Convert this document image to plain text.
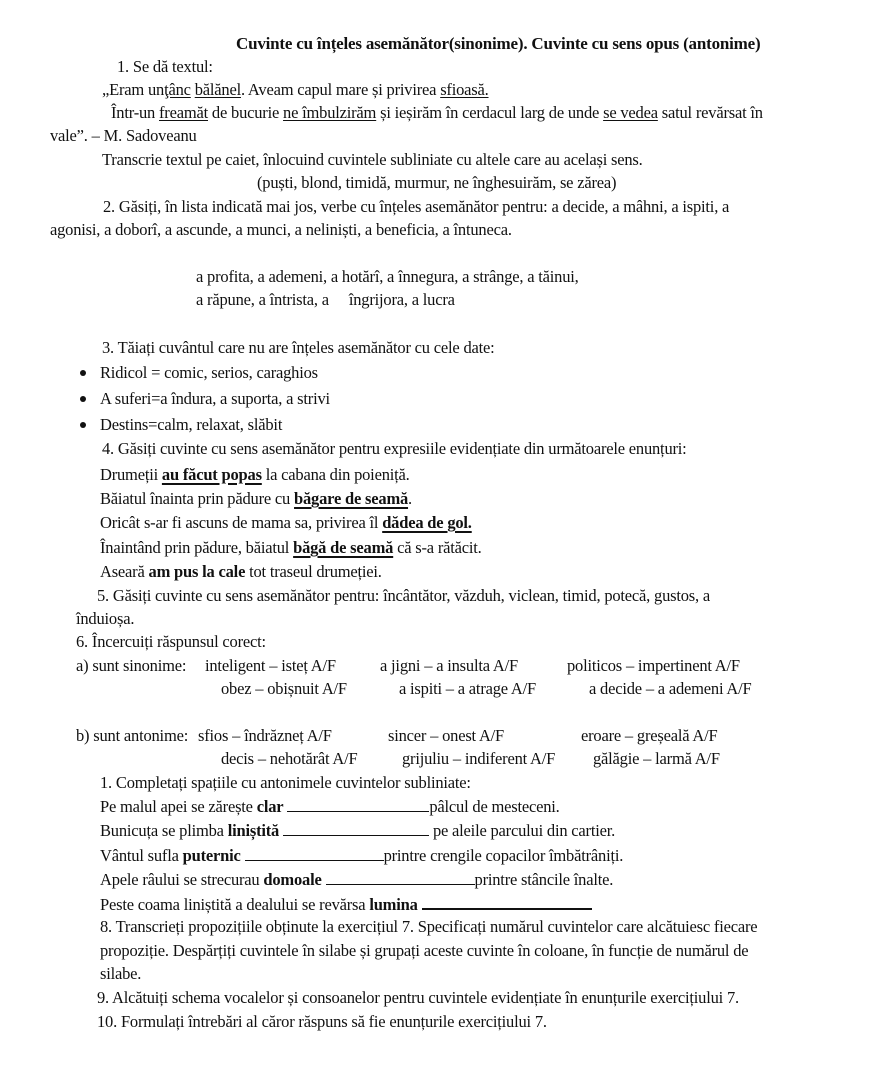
Cuvinte cu înțeles asemănător(sinonime). Cuvinte cu sens opus (antonime)
1. Se dă textul:
„Eram unţânc bălănel. Aveam capul mare și privirea sfioasă.
Într-un freamăt de bucurie ne îmbulzirăm și ieșirăm în cerdacul larg de unde se vedea satul revărsat în
vale”. – M. Sadoveanu
Transcrie textul pe caiet, înlocuind cuvintele subliniate cu altele care au același sens.
(puști, blond, timidă, murmur, ne înghesuirăm, se zărea)
2. Găsiți, în lista indicată mai jos, verbe cu înțeles asemănător pentru: a decide, a mâhni, a ispiti, a
agonisi, a doborî, a ascunde, a munci, a neliniști, a beneficia, a întuneca.
a profita, a ademeni, a hotărî, a înnegura, a strânge, a tăinui,
a răpune, a întrista, a îngrijora, a lucra
3. Tăiați cuvântul care nu are înțeles asemănător cu cele date:
Ridicol = comic, serios, caraghios
A suferi=a îndura, a suporta, a strivi
Destins=calm, relaxat, slăbit
4. Găsiți cuvinte cu sens asemănător pentru expresiile evidențiate din următoarele enunțuri:
Drumeții au făcut popas la cabana din poieniță.
Băiatul înainta prin pădure cu băgare de seamă.
Oricât s-ar fi ascuns de mama sa, privirea îl dădea de gol.
Înaintând prin pădure, băiatul băgă de seamă că s-a rătăcit.
Aseară am pus la cale tot traseul drumeției.
5. Găsiți cuvinte cu sens asemănător pentru: încântător, văzduh, viclean, timid, potecă, gustos, a
înduioșa.
6. Încercuiți răspunsul corect:
a) sunt sinonime: inteligent – isteț A/F	a jigni – a insulta A/F	politicos – impertinent A/F
obez – obișnuit A/F	a ispiti – a atrage A/F	a decide – a ademeni A/F
b) sunt antonime: sfios – îndrăzneț A/F	sincer – onest A/F	eroare – greșeală A/F
decis – nehotărât A/F	grijuliu – indiferent A/F gălăgie – larmă A/F
1. Completați spațiile cu antonimele cuvintelor subliniate:
Pe malul apei se zărește clar	pâlcul de mesteceni.
Bunicuța se plimba liniștită	pe aleile parcului din cartier.
Vântul sufla puternic	printre crengile copacilor îmbătrâniți.
Apele râului se strecurau domoale	printre stâncile înalte.
Peste coama liniștită a dealului se revărsa lumina
8. Transcrieți propozițiile obținute la exercițiul 7. Specificați numărul cuvintelor care alcătuiesc fiecare
propoziție. Despărțiți cuvintele în silabe și grupați aceste cuvinte în coloane, în funcție de numărul de
silabe.
9. Alcătuiți schema vocalelor și consoanelor pentru cuvintele evidențiate în enunțurile exercițiului 7.
10. Formulați întrebări al căror răspuns să fie enunțurile exercițiului 7.
